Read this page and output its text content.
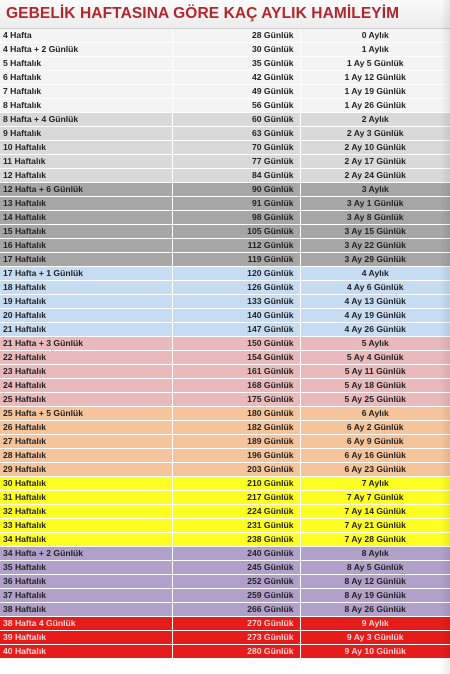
GEBELİK HAFTASINA GÖRE KAÇ AYLIK HAMİLEYİM
4 Hafta	28 Günlük	0 Aylık
4 Hafta + 2 Günlük	30 Günlük	1 Aylık
5 Haftalık	35 Günlük	1 Ay 5 Günlük
6 Haftalık	42 Günlük	1 Ay 12 Günlük
7 Haftalık	49 Günlük	1 Ay 19 Günlük
8 Haftalık	56 Günlük	1 Ay 26 Günlük
8 Hafta + 4 Günlük	60 Günlük	2 Aylık
9 Haftalık	63 Günlük	2 Ay 3 Günlük
10 Haftalık	70 Günlük	2 Ay 10 Günlük
11 Haftalık	77 Günlük	2 Ay 17 Günlük
12 Haftalık	84 Günlük	2 Ay 24 Günlük
12 Hafta + 6 Günlük	90 Günlük	3 Aylık
13 Haftalık	91 Günlük	3 Ay 1 Günlük
14 Haftalık	98 Günlük	3 Ay 8 Günlük
15 Haftalık	105 Günlük	3 Ay 15 Günlük
16 Haftalık	112 Günlük	3 Ay 22 Günlük
17 Haftalık	119 Günlük	3 Ay 29 Günlük
17 Hafta + 1 Günlük	120 Günlük	4 Aylık
18 Haftalık	126 Günlük	4 Ay 6 Günlük
19 Haftalık	133 Günlük	4 Ay 13 Günlük
20 Haftalık	140 Günlük	4 Ay 19 Günlük
21 Haftalık	147 Günlük	4 Ay 26 Günlük
21 Hafta + 3 Günlük	150 Günlük	5 Aylık
22 Haftalık	154 Günlük	5 Ay 4 Günlük
23 Haftalık	161 Günlük	5 Ay 11 Günlük
24 Haftalık	168 Günlük	5 Ay 18 Günlük
25 Haftalık	175 Günlük	5 Ay 25 Günlük
25 Hafta + 5 Günlük	180 Günlük	6 Aylık
26 Haftalık	182 Günlük	6 Ay 2 Günlük
27 Haftalık	189 Günlük	6 Ay 9 Günlük
28 Haftalık	196 Günlük	6 Ay 16 Günlük
29 Haftalık	203 Günlük	6 Ay 23 Günlük
30 Haftalık	210 Günlük	7 Aylık
31 Haftalık	217 Günlük	7 Ay 7 Günlük
32 Haftalık	224 Günlük	7 Ay 14 Günlük
33 Haftalık	231 Günlük	7 Ay 21 Günlük
34 Haftalık	238 Günlük	7 Ay 28 Günlük
34 Hafta + 2 Günlük	240 Günlük	8 Aylık
35 Haftalık	245 Günlük	8 Ay 5 Günlük
36 Haftalık	252 Günlük	8 Ay 12 Günlük
37 Haftalık	259 Günlük	8 Ay 19 Günlük
38 Haftalık	266 Günlük	8 Ay 26 Günlük
38 Hafta 4 Günlük	270 Günlük	9 Aylık
39 Haftalık	273 Günlük	9 Ay 3 Günlük
40 Haftalık	280 Günlük	9 Ay 10 Günlük
